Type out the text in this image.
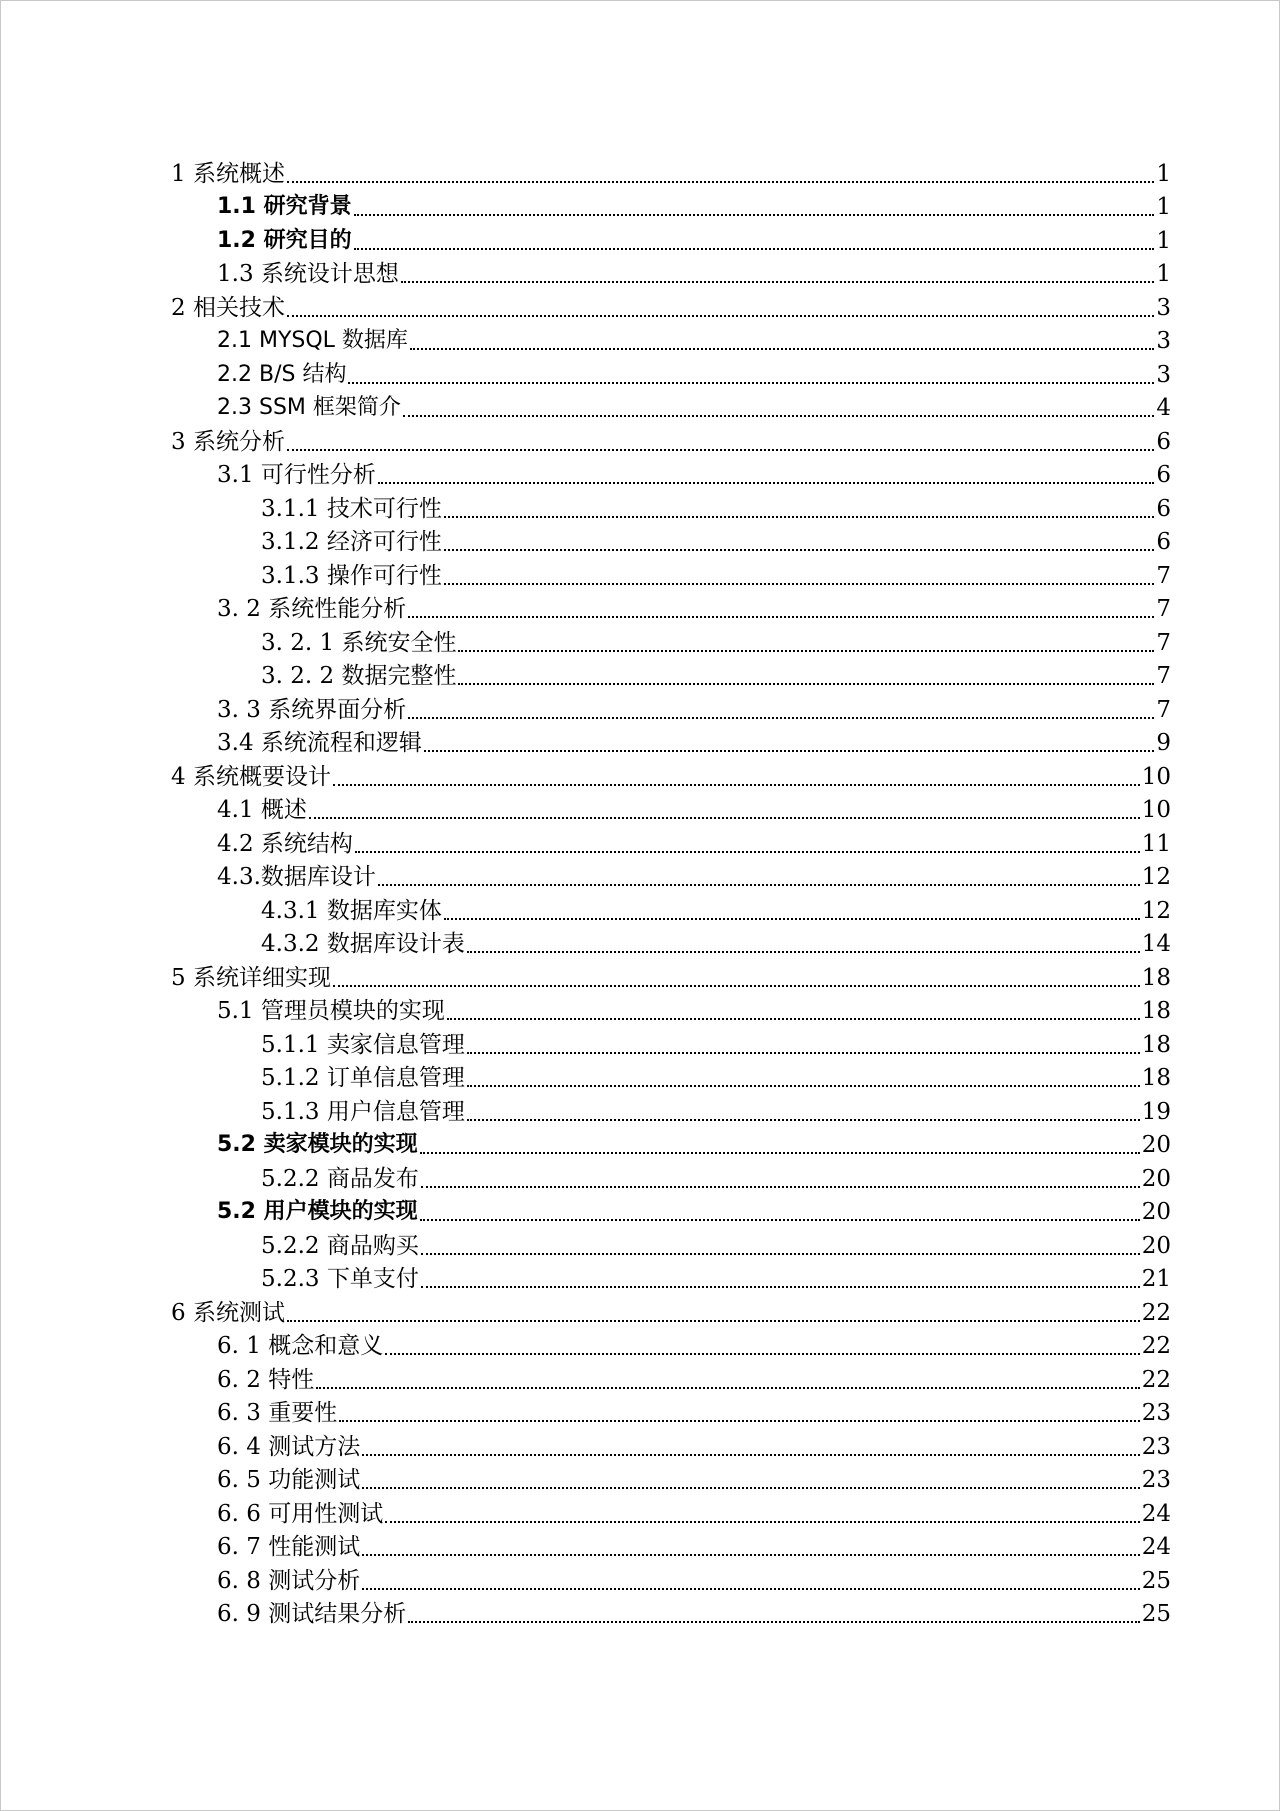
1 系统概述	1
1.1 研究背景	1
1.2 研究目的	1
1.3 系统设计思想	1
2 相关技术	3
2.1 MYSQL 数据库	3
2.2 B/S 结构	3
2.3 SSM 框架简介	4
3 系统分析	6
3.1 可行性分析	6
3.1.1 技术可行性	6
3.1.2 经济可行性	6
3.1.3 操作可行性	7
3. 2 系统性能分析	7
3. 2. 1 系统安全性	7
3. 2. 2 数据完整性	7
3. 3 系统界面分析	7
3.4 系统流程和逻辑	9
4 系统概要设计	10
4.1 概述	10
4.2 系统结构	11
4.3.数据库设计	12
4.3.1 数据库实体	12
4.3.2 数据库设计表	14
5 系统详细实现	18
5.1 管理员模块的实现	18
5.1.1 卖家信息管理	18
5.1.2 订单信息管理	18
5.1.3 用户信息管理	19
5.2 卖家模块的实现	20
5.2.2 商品发布	20
5.2 用户模块的实现	20
5.2.2 商品购买	20
5.2.3 下单支付	21
6 系统测试	22
6. 1 概念和意义	22
6. 2 特性	22
6. 3 重要性	23
6. 4 测试方法	23
6. 5 功能测试	23
6. 6 可用性测试	24
6. 7 性能测试	24
6. 8 测试分析	25
6. 9 测试结果分析	25
